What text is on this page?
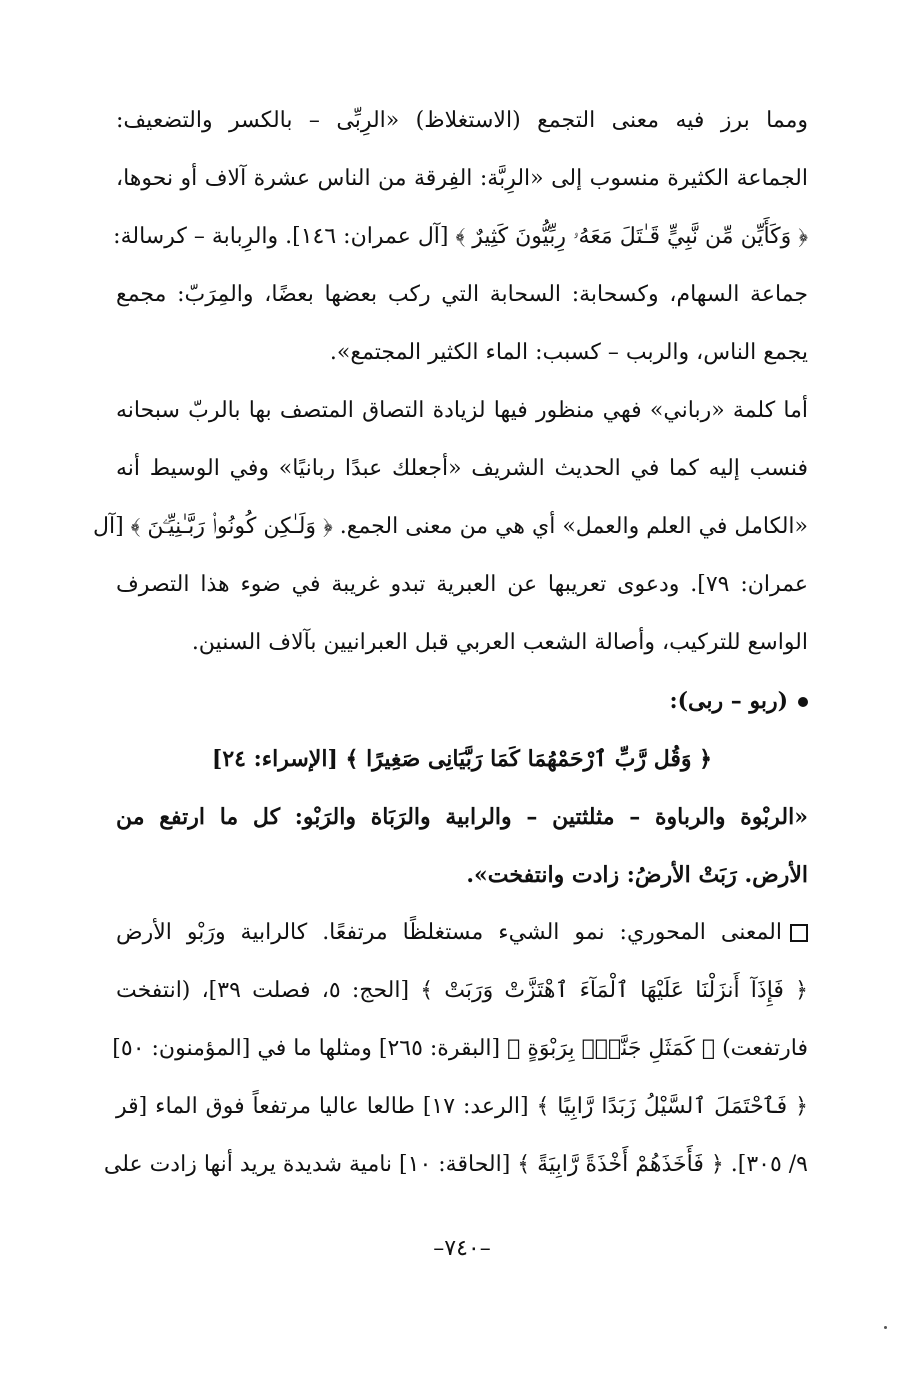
ومما برز فيه معنى التجمع (الاستغلاظ) «الرِبِّى – بالكسر والتضعيف:
الجماعة الكثيرة منسوب إلى «الرِبَّة: الفِرقة من الناس عشرة آلاف أو نحوها،
﴿ وَكَأَيِّن مِّن نَّبِيٍّ قَـٰتَلَ مَعَهُۥ رِبِّيُّونَ كَثِيرٌ ﴾ [آل عمران: ١٤٦]. والرِبابة – كرسالة:
جماعة السهام، وكسحابة: السحابة التي ركب بعضها بعضًا، والمِرَبّ: مجمع
يجمع الناس، والربب – كسبب: الماء الكثير المجتمع».
أما كلمة «رباني» فهي منظور فيها لزيادة التصاق المتصف بها بالربّ سبحانه
فنسب إليه كما في الحديث الشريف «أجعلك عبدًا ربانيًا» وفي الوسيط أنه
«الكامل في العلم والعمل» أي هي من معنى الجمع. ﴿ وَلَـٰكِن كُونُوا۟ رَبَّـٰنِيِّـۧنَ ﴾ [آل
عمران: ٧٩]. ودعوى تعريبها عن العبرية تبدو غريبة في ضوء هذا التصرف
الواسع للتركيب، وأصالة الشعب العربي قبل العبرانيين بآلاف السنين.
(ربو – ربى):
﴿ وَقُل رَّبِّ ٱرْحَمْهُمَا كَمَا رَبَّيَانِى صَغِيرًا ﴾ [الإسراء: ٢٤]
«الربْوة والرباوة – مثلثتين – والرابية والرَبَاة والرَبْو: كل ما ارتفع من
الأرض. رَبَتْ الأرضُ: زادت وانتفخت».
المعنى المحوري: نمو الشيء مستغلظًا مرتفعًا. كالرابية ورَبْو الأرض
﴿ فَإِذَآ أَنزَلْنَا عَلَيْهَا ٱلْمَآءَ ٱهْتَزَّتْ وَرَبَتْ ﴾ [الحج: ٥، فصلت ٣٩]، (انتفخت
فارتفعت) ﴿ كَمَثَلِ جَنَّةٍۭ بِرَبْوَةٍ ﴾ [البقرة: ٢٦٥] ومثلها ما في [المؤمنون: ٥٠]
﴿ فَٱحْتَمَلَ ٱلسَّيْلُ زَبَدًا رَّابِيًا ﴾ [الرعد: ١٧] طالعا عاليا مرتفعاً فوق الماء [قر
٩/ ٣٠٥]. ﴿ فَأَخَذَهُمْ أَخْذَةً رَّابِيَةً ﴾ [الحاقة: ١٠] نامية شديدة يريد أنها زادت على
–٧٤٠–
